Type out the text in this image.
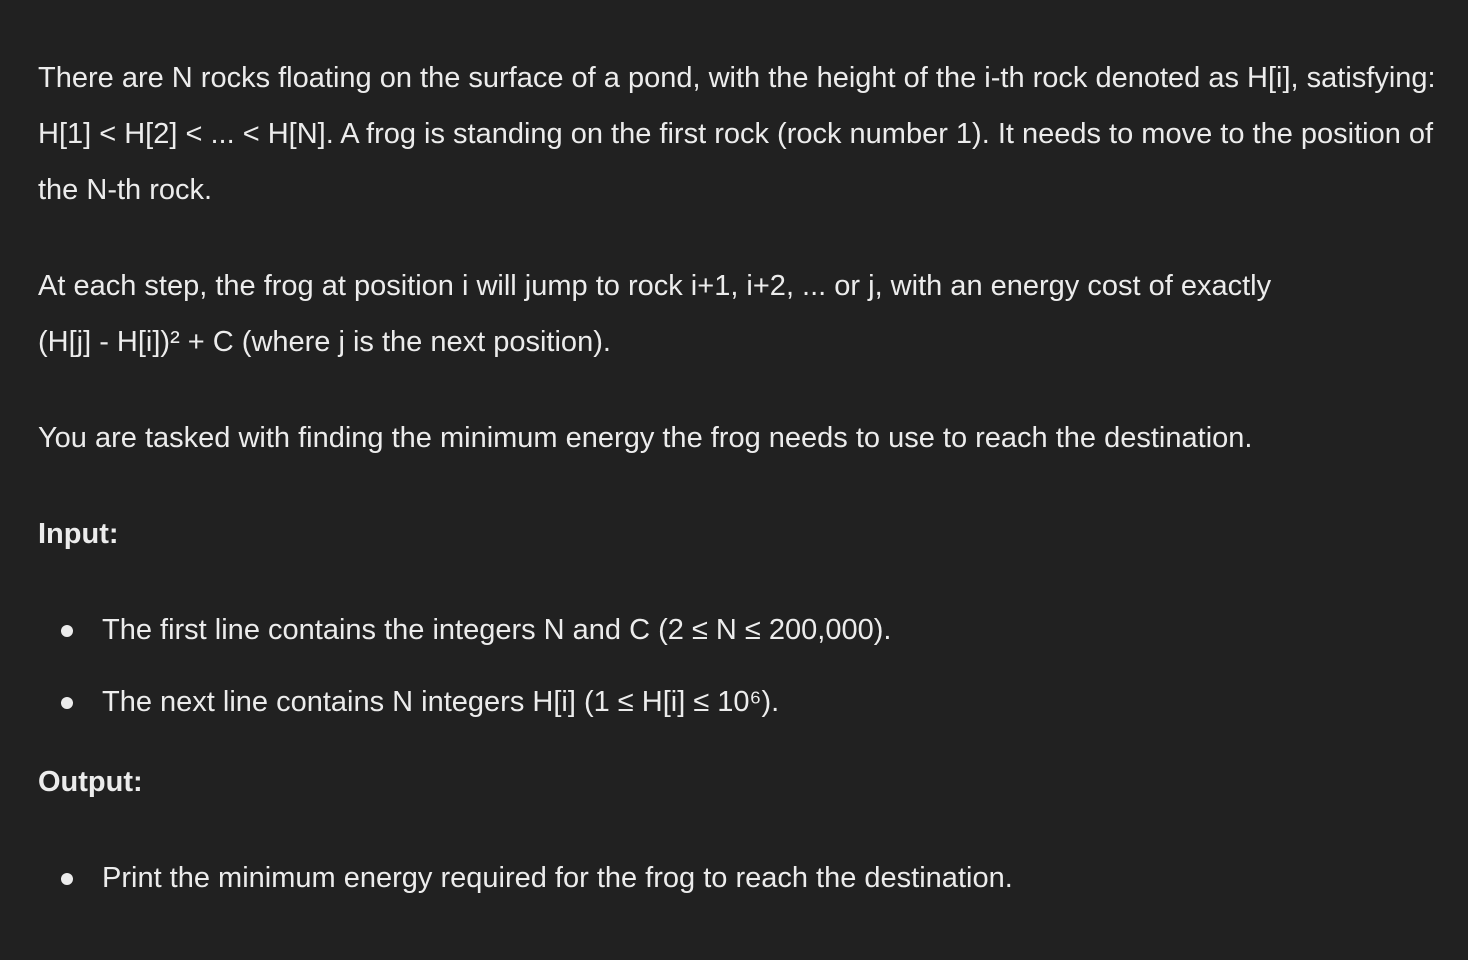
There are N rocks floating on the surface of a pond, with the height of the i-th rock denoted as H[i], satisfying: H[1] < H[2] < ... < H[N]. A frog is standing on the first rock (rock number 1). It needs to move to the position of the N-th rock.

At each step, the frog at position i will jump to rock i+1, i+2, ... or j, with an energy cost of exactly
(H[j] - H[i])² + C (where j is the next position).

You are tasked with finding the minimum energy the frog needs to use to reach the destination.

Input:

The first line contains the integers N and C (2 ≤ N ≤ 200,000).
The next line contains N integers H[i] (1 ≤ H[i] ≤ 10⁶).

Output:

Print the minimum energy required for the frog to reach the destination.
